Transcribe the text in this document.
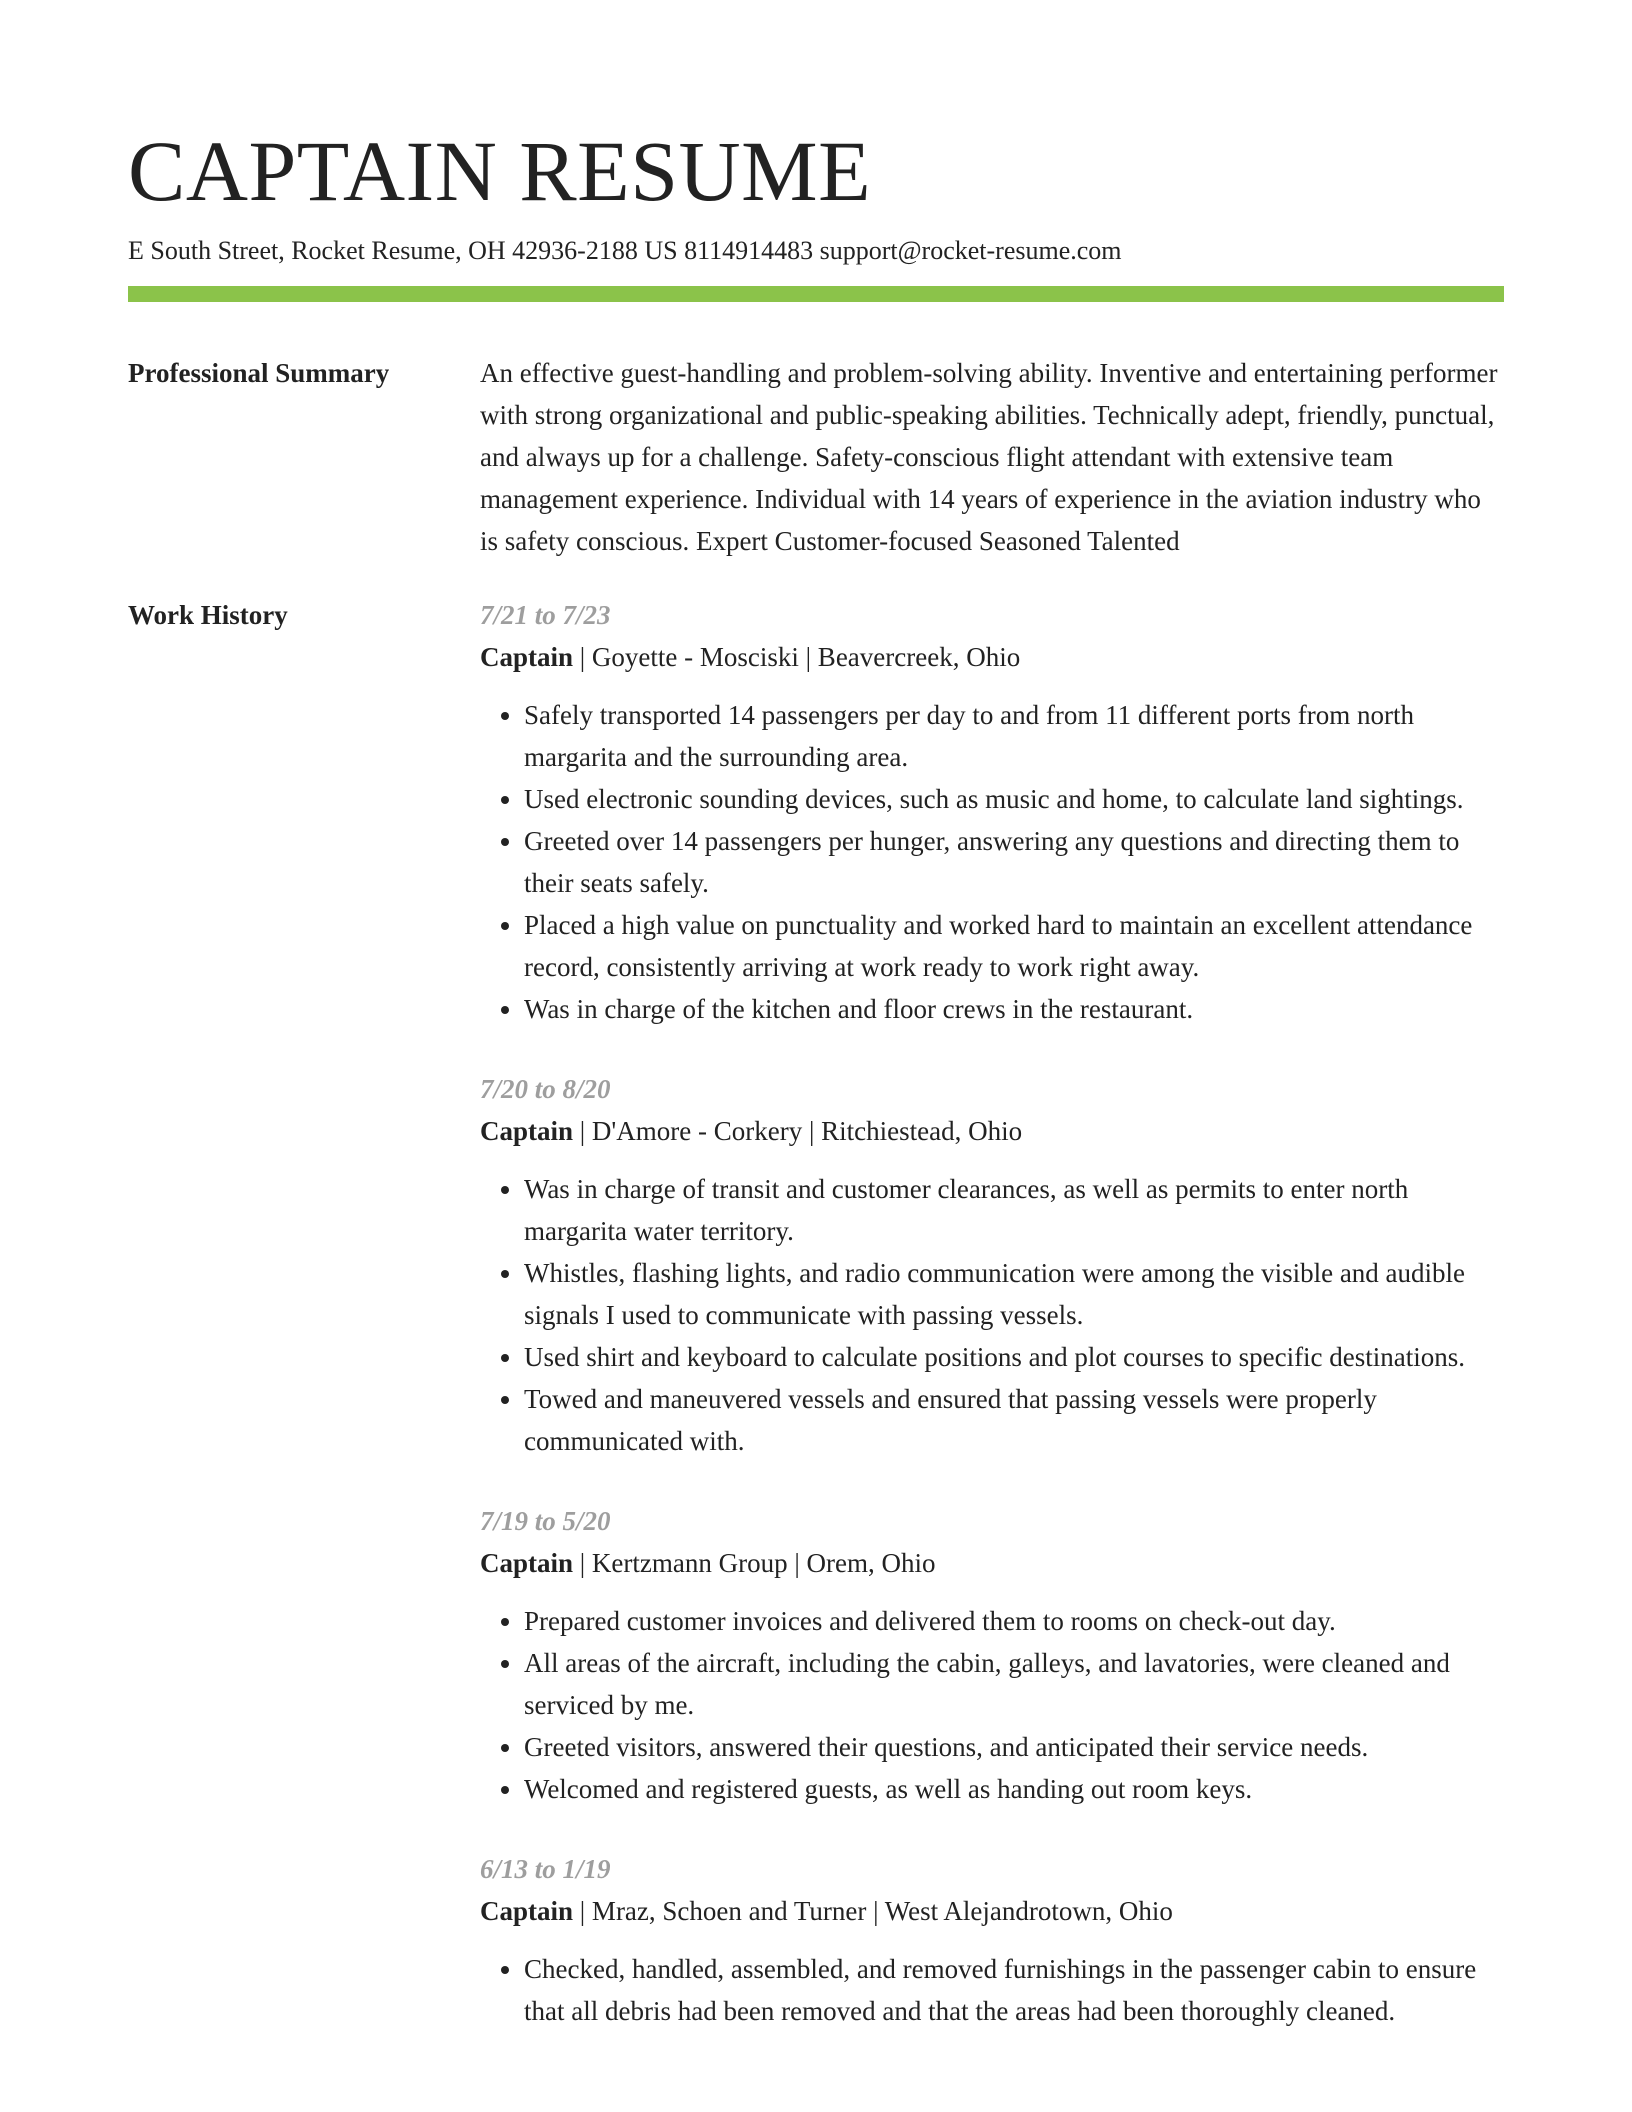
CAPTAIN RESUME
E South Street, Rocket Resume, OH 42936-2188 US 8114914483 support@rocket-resume.com
Professional Summary	An effective guest-handling and problem-solving ability. Inventive and entertaining performer with strong organizational and public-speaking abilities. Technically adept, friendly, punctual, and always up for a challenge. Safety-conscious flight attendant with extensive team management experience. Individual with 14 years of experience in the aviation industry who is safety conscious. Expert Customer-focused Seasoned Talented

Work History	7/21 to 7/23
Captain | Goyette - Mosciski | Beavercreek, Ohio
• Safely transported 14 passengers per day to and from 11 different ports from north margarita and the surrounding area.
• Used electronic sounding devices, such as music and home, to calculate land sightings.
• Greeted over 14 passengers per hunger, answering any questions and directing them to their seats safely.
• Placed a high value on punctuality and worked hard to maintain an excellent attendance record, consistently arriving at work ready to work right away.
• Was in charge of the kitchen and floor crews in the restaurant.
7/20 to 8/20
Captain | D'Amore - Corkery | Ritchiestead, Ohio
• Was in charge of transit and customer clearances, as well as permits to enter north margarita water territory.
• Whistles, flashing lights, and radio communication were among the visible and audible signals I used to communicate with passing vessels.
• Used shirt and keyboard to calculate positions and plot courses to specific destinations.
• Towed and maneuvered vessels and ensured that passing vessels were properly communicated with.
7/19 to 5/20
Captain | Kertzmann Group | Orem, Ohio
• Prepared customer invoices and delivered them to rooms on check-out day.
• All areas of the aircraft, including the cabin, galleys, and lavatories, were cleaned and serviced by me.
• Greeted visitors, answered their questions, and anticipated their service needs.
• Welcomed and registered guests, as well as handing out room keys.
6/13 to 1/19
Captain | Mraz, Schoen and Turner | West Alejandrotown, Ohio
• Checked, handled, assembled, and removed furnishings in the passenger cabin to ensure that all debris had been removed and that the areas had been thoroughly cleaned.
